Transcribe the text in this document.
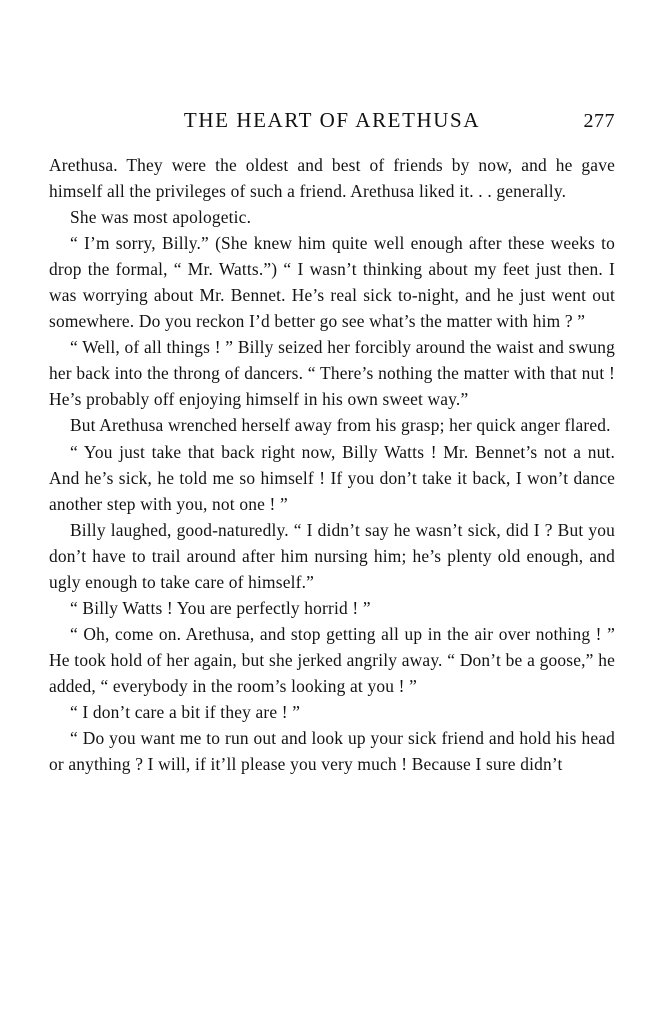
THE HEART OF ARETHUSA	277

Arethusa. They were the oldest and best of friends by now, and he gave himself all the privileges of such a friend. Arethusa liked it. . . generally.

She was most apologetic.

“ I’m sorry, Billy.” (She knew him quite well enough after these weeks to drop the formal, “ Mr. Watts.”) “ I wasn’t thinking about my feet just then. I was worrying about Mr. Bennet. He’s real sick to-night, and he just went out somewhere. Do you reckon I’d better go see what’s the matter with him ? ”

“ Well, of all things ! ” Billy seized her forcibly around the waist and swung her back into the throng of dancers. “ There’s nothing the matter with that nut ! He’s probably off enjoying himself in his own sweet way.”

But Arethusa wrenched herself away from his grasp; her quick anger flared.

“ You just take that back right now, Billy Watts ! Mr. Bennet’s not a nut. And he’s sick, he told me so himself ! If you don’t take it back, I won’t dance another step with you, not one ! ”

Billy laughed, good-naturedly. “ I didn’t say he wasn’t sick, did I ? But you don’t have to trail around after him nursing him; he’s plenty old enough, and ugly enough to take care of himself.”

“ Billy Watts ! You are perfectly horrid ! ”

“ Oh, come on. Arethusa, and stop getting all up in the air over nothing ! ” He took hold of her again, but she jerked angrily away. “ Don’t be a goose,” he added, “ everybody in the room’s looking at you ! ”

“ I don’t care a bit if they are ! ”

“ Do you want me to run out and look up your sick friend and hold his head or anything ? I will, if it’ll please you very much ! Because I sure didn’t
